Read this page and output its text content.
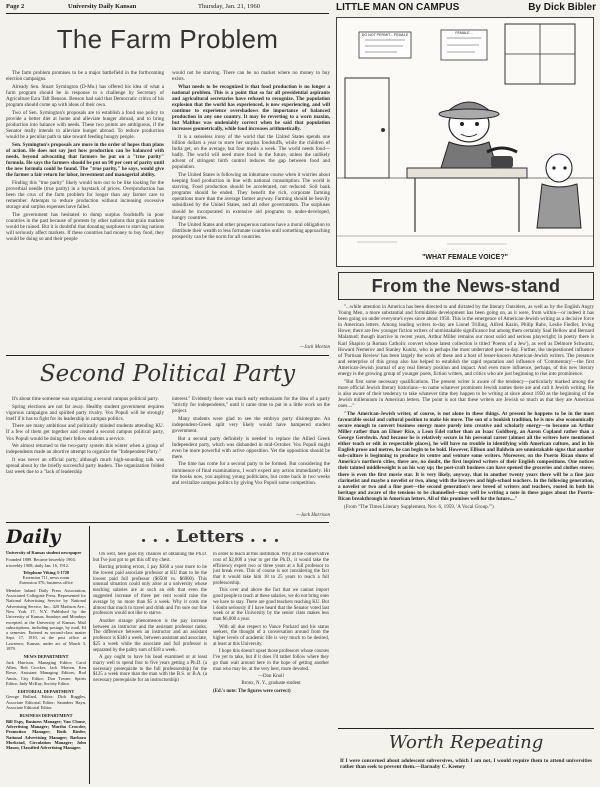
Page 2	University Daily Kansan	Thursday, Jan. 21, 1960	LITTLE MAN ON CAMPUS	By Dick Bibler
DO NOT PERMIT... FEMALE	FEMALE...
"WHAT FEMALE VOICE?"
The Farm Problem

The farm problem promises to be a major battlefield in the forthcoming election campaigns.

Already Sen. Stuart Symington (D-Mo.) has offered his idea of what a farm program should be in response to a challenge by Secretary of Agriculture Ezra Taft Benson. Benson had said that Democratic critics of his program should come up with ideas of their own.

Two of Sen. Symington's proposals are to establish a food use policy to provide a better diet at home and alleviate hunger abroad, and to bring production into balance with needs. These two points are ambiguous, if the Senator really intends to alleviate hunger abroad. To reduce production would be a peculiar path to take toward feeding hungry people.

Sen. Symington's proposals are more in the order of hopes than plans of action. He does not say just how production can be balanced with needs, beyond advocating that farmers be put on a "true parity" formula. He says the farmers should be put on 90 per cent of parity until the new formula could be found. The "true parity," he says, would give the farmer a fair return for labor, investment and managerial ability.

Finding this "true parity" likely would turn out to be like looking for the proverbial needle (true parity) in a haystack of prices. Overproduction has been the crux of the farm problem for longer than any farmer care to remember. Attempts to reduce production without increasing excessive storage and surplus expenses have failed.

The government has hesitated to dump surplus foodstuffs in poor countries in the past because of protests by other nations that grain markets would be ruined. But it is doubtful that donating surpluses to starving nations will seriously affect markets. If these countries had money to buy food, they would be doing so and their people

would not be starving. There can be no market where no money to buy exists.

What needs to be recognized is that food production is no longer a national problem. This is a point that so far all presidential aspirants and agricultural secretaries have refused to recognize. The population explosion that the world has experienced, is now experiencing, and will continue to experience overshadows the importance of balanced production in any one country. It may be reverting to a worn maxim, but Malthus was undeniably correct when he said that population increases geometrically, while food increases arithmetically.

It is a senseless irony of the world that the United States spends one billion dollars a year to store her surplus foodstuffs, while the children of India get, on the average, but four meals a week. The world needs food—badly. The world will need more food in the future, unless the unlikely advent of stringent birth control reduces the gap between food and population.

The United States is following an inhumane course when it worries about keeping food production in line with national consumption. The world is starving. Food production should be accelerated, not reduced. Soil bank programs should be ended. They benefit the rich, corporate farming operations more than the average farmer anyway. Farming should be heavily subsidized by the United States, and all other governments. The surpluses should be incorporated in extensive aid programs to under-developed, hungry countries.

The United States and other prosperous nations have a moral obligation to distribute their wealth to less fortunate countries until something approaching prosperity can be the norm for all countries.

—Jack Morton
From the News-stand

"...while attention in America has been directed to and dictated by the literary Outsiders, as well as by the English Angry Young Men, a more substantial and formidable development has been going on, as it were, from within—or indeed it has been going on under everyone's eyes since about 1950. This is the emergence of American-Jewish writing as a decisive force in American letters. Among leading writers to-day are Lionel Trilling, Alfred Kazin, Philip Rahv, Leslie Fiedler, Irving Howe; there are few younger fiction writers of unmistakable significance but among them certainly Saul Bellow and Bernard Malamud; though inactive in recent years, Arthur Miller remains our most solid and serious playwright; in poetry there is Karl Shapiro (a Roman Catholic convert whose latest collection is titled 'Poems of a Jew'), as well as Delmore Schwartz, Howard Nemerov and Stanley Kunitz, who is perhaps the most underrated poet to-day. Further, the unquestioned influence of 'Partisan Review' has been largely the work of these and a host of lesser-known American-Jewish writers. The presence and enterprise of this group also has helped to establish the rapid reputation and influence of 'Commentary'—the first American-Jewish journal of any real literary position and impact. And even more influence, perhaps, of this new literary energy is the growing group of younger poets, fiction writers, and critics who are just beginning to rise into prominence.

"But first some necessary qualifications. The present writer is aware of the tendency—particularly marked among the more official Jewish literary historians—to name whatever prominent Jewish names there are and call it Jewish writing. He is also aware of their tendency to take whatever time they happen to be writing at since about 1950 as the beginning of the Jewish millennium in American letters. The point is not that these writers are Jewish so much as that they are American ones...."

"The American-Jewish writer, of course, is not alone in these things. At present he happens to be in the most favourable social and cultural position to make his move. The son of a bookish tradition, he is now also economically secure enough to convert business energy more purely into creative and scholarly energy—to become an Arthur Miller rather than an Elmer Rice, a Leon Edel rather than an Isaac Goldberg, an Aaron Copland rather than a George Gershwin. And because he is relatively secure in his personal career (almost all the writers here mentioned either teach or edit in respectable places), he will have no trouble in identifying with American culture, and in his English prose and metres, he can begin to be bold. However, Ellison and Baldwin are unmistakable signs that another sub-culture is beginning to produce its centre and venture some writers. Moreover, on the Puerto Rican slums of America's northern cities, there are, no doubt, the first inspired writers of their English compositions. One notices their tainted middleweight is on his way up; the post-craft business can have opened the groceries and clothes stores; there is even the first movie star. It is very likely, anyway, that in another twenty years there will be a fine jazz clarinetist and maybe a novelist or two, along with the lawyers and high-school teachers. In the following generation, a novelist or two and a fine poet—the second generation's new breed of writers and teachers, rooted in both his heritage and aware of the tensions to be channelled—may well be writing a note in these pages about the Puerto-Rican breakthrough in American letters. All of this promises well for the future...."

(From "The Times Literary Supplement, Nov. 6, 1959, 'A Vocal Group.'")

Second Political Party

It's about time someone was organizing a second campus political party.

Spring elections are not far away. Healthy student government requires vigorous campaigns and spirited party rivalry. Vox Populi will be strongly itself if it has to fight for its leadership in campus politics.

There are many ambitious and politically minded students attending KU. If a few of them get together and created a second campus political party, Vox Populi would be doing their fellow students a service.

We almost returned to the two-party system this winter when a group of independents made an abortive attempt to organize the "Independent Party."

It was never an official party, although much high-sounding talk was spread about by the briefly successful party leaders. The organization folded last week due to a "lack of leadership

interest." Evidently there was much early enthusiasm for the idea of a party "strictly for independents," until it came time to put in a little work on the project.

Many students were glad to see the embryo party disintegrate. An independent-Greek split very likely would have hampered student government.

But a second party definitely is needed to replace the Allied Greek Independent party, which was disbanded in mid-October. Vox Populi might even be more powerful with active opposition. Yet the opposition should be there.

The time has come for a second party to be formed. But considering the imminence of final examinations, I won't expect any action immediately. Hit the books now, you aspiring young politicians, but come back in two weeks and revitalize campus politics by giving Vox Populi some competition.

—Jack Harrison
Daily
University of Kansas student newspaper
Founded 1889. Became biweekly 1904, triweekly 1908, daily Jan. 16, 1912.
Telephone Viking 3-1720
Extension 711, news room
Extension 376, business office
Member Inland Daily Press Association, Associated Collegiate Press. Represented for National Advertising Service by National Advertising Service, Inc., 420 Madison Ave., New York 17, N.Y. Published by the University of Kansas, Sundays and Mondays excepted, at the University of Kansas. Mail subscriptions, including postage, by mail, $4 a semester. Entered as second-class matter Sept. 17, 1910, at the post office at Lawrence, Kansas, under act of March 3, 1879.
NEWS DEPARTMENT
Jack Harrison, Managing Editor; Carol Allen, Bob Crocker, Jack Morton, Ken Rowe, Assistant Managing Editors; Rod Annis, City Editor; Don Towne, Sports Editor; Judy McKay, Society Editor.
EDITORIAL DEPARTMENT
George Bullard, Editor; Dick Ruggles, Associate Editorial Editor; Saunders Hayn, Associate Editorial Editor.
BUSINESS DEPARTMENT
Bill Espy, Business Manager; Van Clouse, Advertising Manager; Martha Crowder, Promotion Manager; Ruth Rieder, National Advertising Manager; Barbara Morkstad, Circulation Manager; John Mason, Classified Advertising Manager.
. . . Letters . . .

Oh well, here goes my chances of obtaining the Ph.D. but I've just got to get this off my chest.

Barring printing errors, I pay $360 a year more to be the lowest paid associate professor at KU than to be the lowest paid full professor ($6500 vs. $6900). This unusual situation could only arise at a university whose teaching salaries are at such an ebb that even the suggested increase of three per cent would raise the average by no more than $5 a week. Why it costs me almost that much to travel and drink and I'm sure our fine professors would not like to starve.

Another strange phenomenon is the pay increase between an instructor and the assistant professor ranks. The difference between an instructor and an assistant professor is $340 a week, between assistant and associate, $25 a week while the associate and full professor is separated by the paltry sum of $18 a week.

A guy ought to have his head examined or at least marry well to spend four to five years getting a Ph.D. (a necessary prerequisite to the full professorship) for the $125 a week more than the man with the B.S. or B.A. (a necessary prerequisite for an instructorship)

in order to teach at this institution. Why at the conservative cost of $2,000 a year to get the Ph.D., it would take the efficiency expert two or three years at a full professor to just break even. This of course is not considering the fact that it would take him 18 to 25 years to reach a full professorship.

This over and above the fact that we cannot import good people to teach at these salaries, we do not bring ones we have to stay. There are good teachers teaching KU. But I doubt seriously if I have heard that the Senator voted last week or at the University by the senior class makes less than $6,000 a year.

With all due respect to Vance Packard and his status seekers, the thought of a conversation around from the higher levels of academic life is very much to be desired, at least at this University.

I hope this doesn't upset those professors whose courses I've yet to take, but if it does I'd rather follow where they go than wait around here in the hope of getting another man who may be, at the very best, more devoted.

—Don Knoll

Bronx, N. Y., graduate student

(Ed.'s note: The figures were correct)

Worth Repeating
If I were concerned about adolescent subversives, which I am not, I would require them to attend universities rather than seek to prevent them.—Barnaby C. Keeney
